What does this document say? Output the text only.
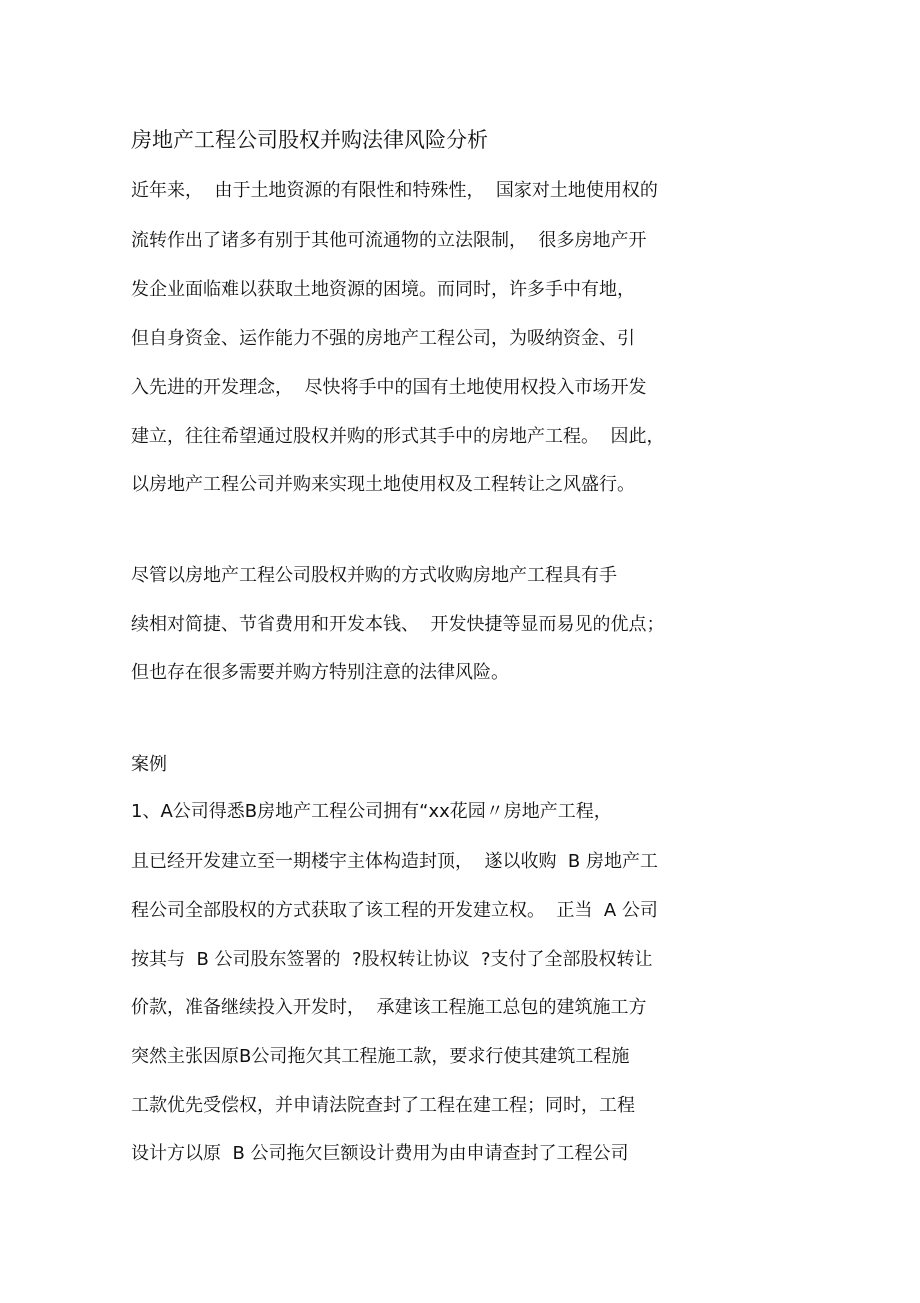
房地产工程公司股权并购法律风险分析
近年来，  由于土地资源的有限性和特殊性，  国家对土地使用权的
流转作出了诸多有别于其他可流通物的立法限制，  很多房地产开
发企业面临难以获取土地资源的困境。而同时，许多手中有地，
但自身资金、运作能力不强的房地产工程公司，为吸纳资金、引
入先进的开发理念，  尽快将手中的国有土地使用权投入市场开发
建立，往往希望通过股权并购的形式其手中的房地产工程。  因此，
以房地产工程公司并购来实现土地使用权及工程转让之风盛行。
尽管以房地产工程公司股权并购的方式收购房地产工程具有手
续相对简捷、节省费用和开发本钱、  开发快捷等显而易见的优点；
但也存在很多需要并购方特别注意的法律风险。
案例
1、A公司得悉B房地产工程公司拥有“xx花园〃房地产工程，
且已经开发建立至一期楼宇主体构造封顶，  遂以收购  B 房地产工
程公司全部股权的方式获取了该工程的开发建立权。  正当  A 公司
按其与  B 公司股东签署的  ?股权转让协议  ?支付了全部股权转让
价款，准备继续投入开发时，  承建该工程施工总包的建筑施工方
突然主张因原B公司拖欠其工程施工款，要求行使其建筑工程施
工款优先受偿权，并申请法院查封了工程在建工程；同时，工程
设计方以原  B 公司拖欠巨额设计费用为由申请查封了工程公司
